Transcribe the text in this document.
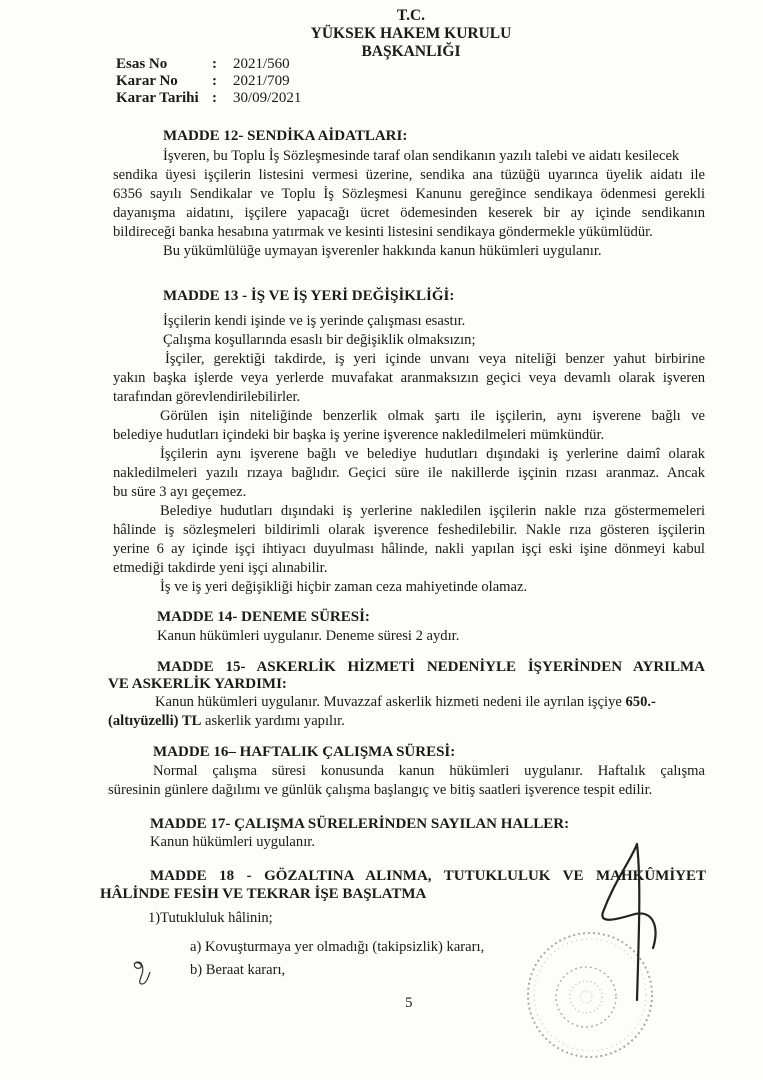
T.C.
YÜKSEK HAKEM KURULU
BAŞKANLIĞI
Esas No	: 2021/560
Karar No : 2021/709
Karar Tarihi : 30/09/2021
MADDE 12- SENDİKA AİDATLARI:
İşveren, bu Toplu İş Sözleşmesinde taraf olan sendikanın yazılı talebi ve aidatı kesilecek
sendika üyesi işçilerin listesini vermesi üzerine, sendika ana tüzüğü uyarınca üyelik aidatı ile
6356 sayılı Sendikalar ve Toplu İş Sözleşmesi Kanunu gereğince sendikaya ödenmesi gerekli
dayanışma aidatını, işçilere yapacağı ücret ödemesinden keserek bir ay içinde sendikanın
bildireceği banka hesabına yatırmak ve kesinti listesini sendikaya göndermekle yükümlüdür.
Bu yükümlülüğe uymayan işverenler hakkında kanun hükümleri uygulanır.
MADDE 13 - İŞ VE İŞ YERİ DEĞİŞİKLİĞİ:
İşçilerin kendi işinde ve iş yerinde çalışması esastır.
Çalışma koşullarında esaslı bir değişiklik olmaksızın;
İşçiler, gerektiği takdirde, iş yeri içinde unvanı veya niteliği benzer yahut birbirine
yakın başka işlerde veya yerlerde muvafakat aranmaksızın geçici veya devamlı olarak işveren
tarafından görevlendirilebilirler.
Görülen işin niteliğinde benzerlik olmak şartı ile işçilerin, aynı işverene bağlı ve
belediye hudutları içindeki bir başka iş yerine işverence nakledilmeleri mümkündür.
İşçilerin aynı işverene bağlı ve belediye hudutları dışındaki iş yerlerine daimî olarak
nakledilmeleri yazılı rızaya bağlıdır. Geçici süre ile nakillerde işçinin rızası aranmaz. Ancak
bu süre 3 ayı geçemez.
Belediye hudutları dışındaki iş yerlerine nakledilen işçilerin nakle rıza göstermemeleri
hâlinde iş sözleşmeleri bildirimli olarak işverence feshedilebilir. Nakle rıza gösteren işçilerin
yerine 6 ay içinde işçi ihtiyacı duyulması hâlinde, nakli yapılan işçi eski işine dönmeyi kabul
etmediği takdirde yeni işçi alınabilir.
İş ve iş yeri değişikliği hiçbir zaman ceza mahiyetinde olamaz.
MADDE 14- DENEME SÜRESİ:
Kanun hükümleri uygulanır. Deneme süresi 2 aydır.
MADDE 15- ASKERLİK HİZMETİ NEDENİYLE İŞYERİNDEN AYRILMA
VE ASKERLİK YARDIMI:
Kanun hükümleri uygulanır. Muvazzaf askerlik hizmeti nedeni ile ayrılan işçiye 650.-
(altıyüzelli) TL askerlik yardımı yapılır.
MADDE 16– HAFTALIK ÇALIŞMA SÜRESİ:
Normal çalışma süresi konusunda kanun hükümleri uygulanır. Haftalık çalışma
süresinin günlere dağılımı ve günlük çalışma başlangıç ve bitiş saatleri işverence tespit edilir.
MADDE 17- ÇALIŞMA SÜRELERİNDEN SAYILAN HALLER:
Kanun hükümleri uygulanır.
MADDE 18 - GÖZALTINA ALINMA, TUTUKLULUK VE MAHKÛMİYET
HÂLİNDE FESİH VE TEKRAR İŞE BAŞLATMA
1)Tutukluluk hâlinin;
a) Kovuşturmaya yer olmadığı (takipsizlik) kararı,
b) Beraat kararı,
5
